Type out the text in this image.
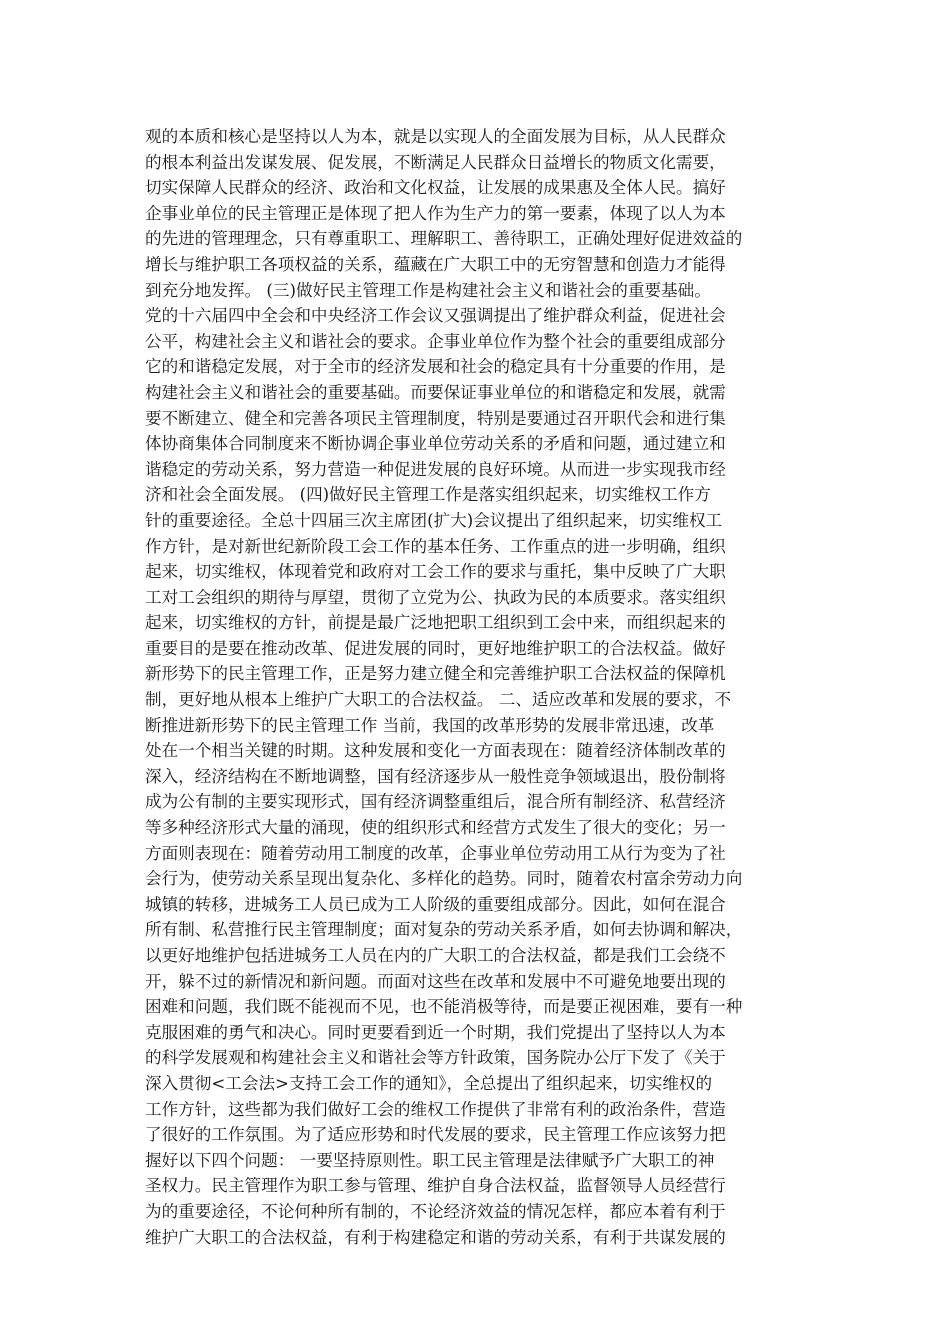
观的本质和核心是坚持以人为本，就是以实现人的全面发展为目标，从人民群众
的根本利益出发谋发展、促发展，不断满足人民群众日益增长的物质文化需要，
切实保障人民群众的经济、政治和文化权益，让发展的成果惠及全体人民。搞好
企事业单位的民主管理正是体现了把人作为生产力的第一要素，体现了以人为本
的先进的管理理念，只有尊重职工、理解职工、善待职工，正确处理好促进效益的
增长与维护职工各项权益的关系，蕴藏在广大职工中的无穷智慧和创造力才能得
到充分地发挥。 (三)做好民主管理工作是构建社会主义和谐社会的重要基础。
党的十六届四中全会和中央经济工作会议又强调提出了维护群众利益，促进社会
公平，构建社会主义和谐社会的要求。企事业单位作为整个社会的重要组成部分
它的和谐稳定发展，对于全市的经济发展和社会的稳定具有十分重要的作用，是
构建社会主义和谐社会的重要基础。而要保证事业单位的和谐稳定和发展，就需
要不断建立、健全和完善各项民主管理制度，特别是要通过召开职代会和进行集
体协商集体合同制度来不断协调企事业单位劳动关系的矛盾和问题，通过建立和
谐稳定的劳动关系，努力营造一种促进发展的良好环境。从而进一步实现我市经
济和社会全面发展。 (四)做好民主管理工作是落实组织起来，切实维权工作方
针的重要途径。全总十四届三次主席团(扩大)会议提出了组织起来，切实维权工
作方针，是对新世纪新阶段工会工作的基本任务、工作重点的进一步明确，组织
起来，切实维权，体现着党和政府对工会工作的要求与重托，集中反映了广大职
工对工会组织的期待与厚望，贯彻了立党为公、执政为民的本质要求。落实组织
起来，切实维权的方针，前提是最广泛地把职工组织到工会中来，而组织起来的
重要目的是要在推动改革、促进发展的同时，更好地维护职工的合法权益。做好
新形势下的民主管理工作，正是努力建立健全和完善维护职工合法权益的保障机
制，更好地从根本上维护广大职工的合法权益。 二、适应改革和发展的要求，不
断推进新形势下的民主管理工作 当前，我国的改革形势的发展非常迅速，改革
处在一个相当关键的时期。这种发展和变化一方面表现在：随着经济体制改革的
深入，经济结构在不断地调整，国有经济逐步从一般性竞争领域退出，股份制将
成为公有制的主要实现形式，国有经济调整重组后，混合所有制经济、私营经济
等多种经济形式大量的涌现，使的组织形式和经营方式发生了很大的变化；另一
方面则表现在：随着劳动用工制度的改革，企事业单位劳动用工从行为变为了社
会行为，使劳动关系呈现出复杂化、多样化的趋势。同时，随着农村富余劳动力向
城镇的转移，进城务工人员已成为工人阶级的重要组成部分。因此，如何在混合
所有制、私营推行民主管理制度；面对复杂的劳动关系矛盾，如何去协调和解决，
以更好地维护包括进城务工人员在内的广大职工的合法权益，都是我们工会绕不
开，躲不过的新情况和新问题。而面对这些在改革和发展中不可避免地要出现的
困难和问题，我们既不能视而不见，也不能消极等待，而是要正视困难，要有一种
克服困难的勇气和决心。同时更要看到近一个时期，我们党提出了坚持以人为本
的科学发展观和构建社会主义和谐社会等方针政策，国务院办公厅下发了《关于
深入贯彻<工会法>支持工会工作的通知》，全总提出了组织起来，切实维权的
工作方针，这些都为我们做好工会的维权工作提供了非常有利的政治条件，营造
了很好的工作氛围。为了适应形势和时代发展的要求，民主管理工作应该努力把
握好以下四个问题： 一要坚持原则性。职工民主管理是法律赋予广大职工的神
圣权力。民主管理作为职工参与管理、维护自身合法权益，监督领导人员经营行
为的重要途径，不论何种所有制的，不论经济效益的情况怎样，都应本着有利于
维护广大职工的合法权益，有利于构建稳定和谐的劳动关系，有利于共谋发展的
